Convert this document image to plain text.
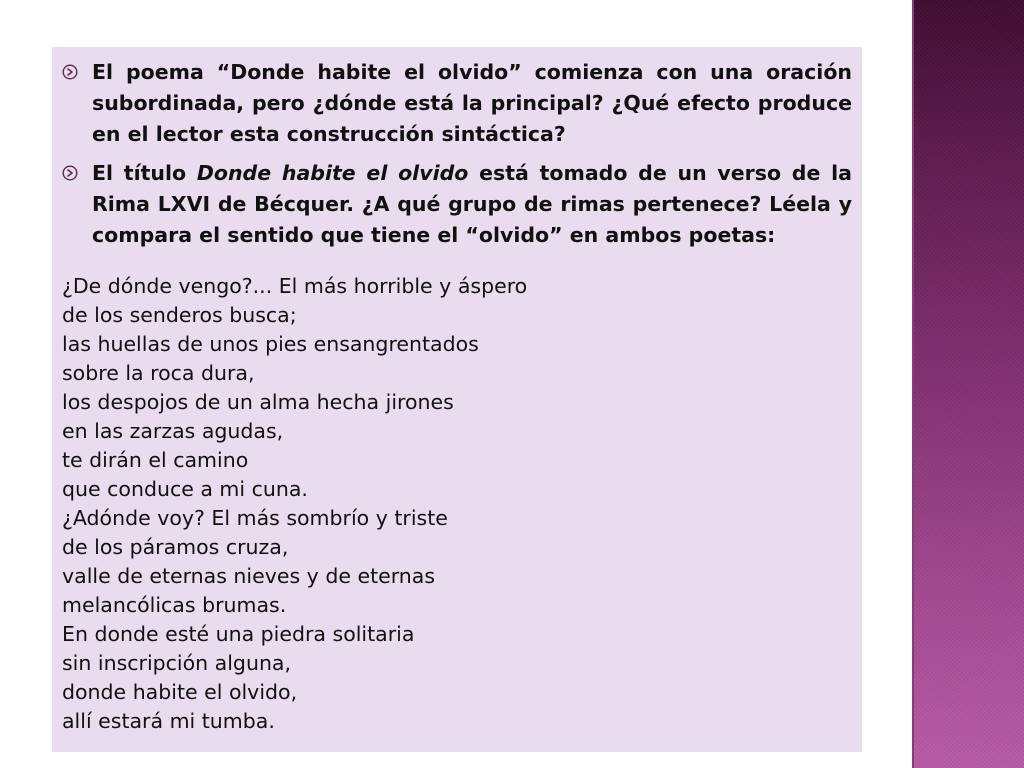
El poema “Donde habite el olvido” comienza con una oración subordinada, pero ¿dónde está la principal? ¿Qué efecto produce en el lector esta construcción sintáctica?

El título Donde habite el olvido está tomado de un verso de la Rima LXVI de Bécquer. ¿A qué grupo de rimas pertenece? Léela y compara el sentido que tiene el “olvido” en ambos poetas:

¿De dónde vengo?... El más horrible y áspero
de los senderos busca;
las huellas de unos pies ensangrentados
sobre la roca dura,
los despojos de un alma hecha jirones
en las zarzas agudas,
te dirán el camino
que conduce a mi cuna.
¿Adónde voy? El más sombrío y triste
de los páramos cruza,
valle de eternas nieves y de eternas
melancólicas brumas.
En donde esté una piedra solitaria
sin inscripción alguna,
donde habite el olvido,
allí estará mi tumba.
